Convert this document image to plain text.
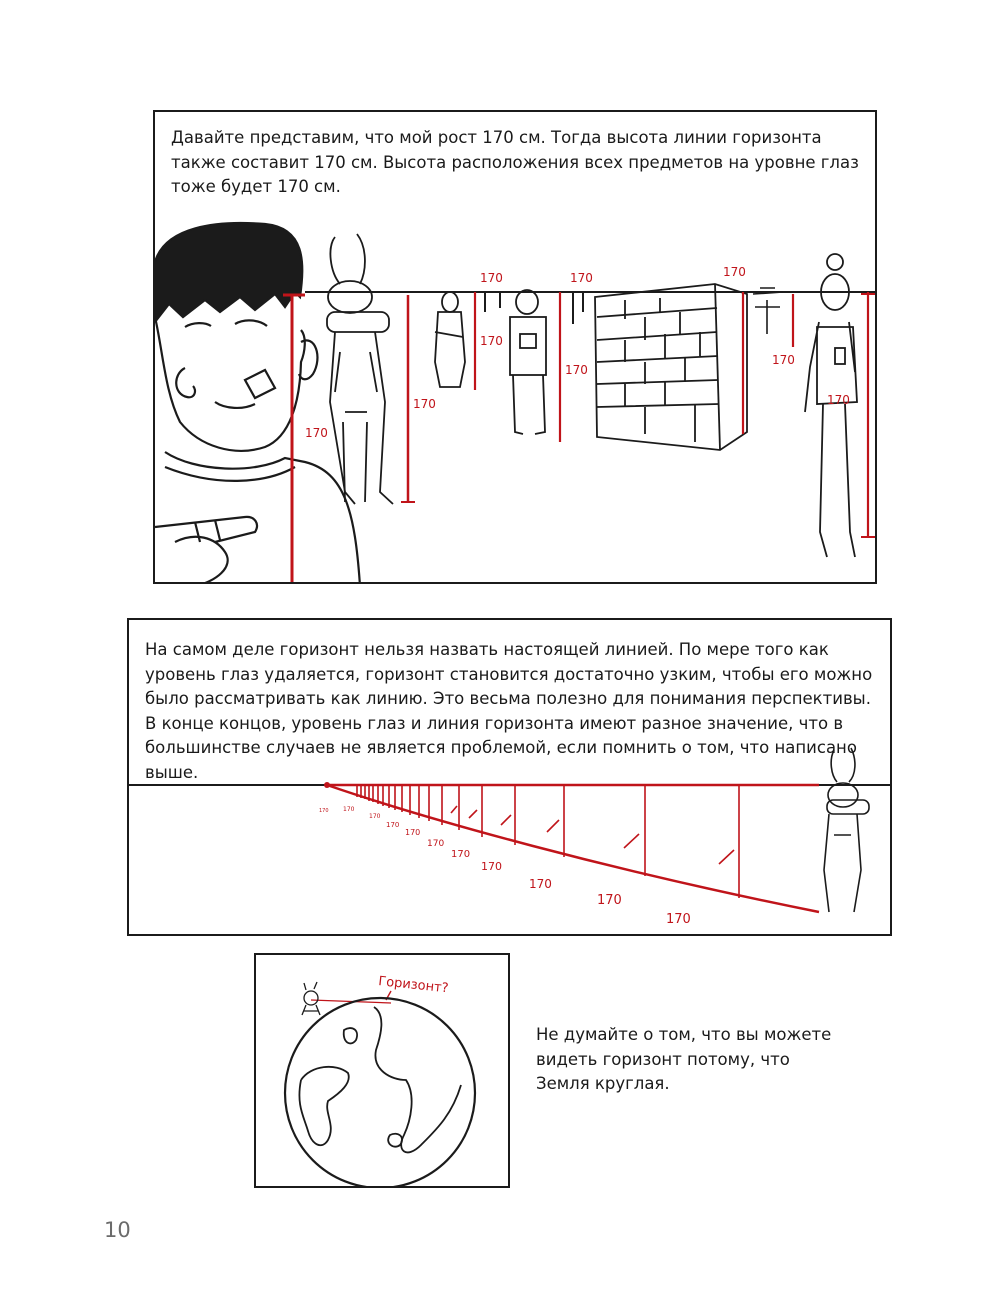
Давайте представим, что мой рост 170 см. Тогда высота линии горизонта также составит 170 см. Высота расположения всех предметов на уровне глаз тоже будет 170 см.
170
170
170
170
170
170	170
170
170
На самом деле горизонт нельзя назвать настоящей линией. По мере того как уровень глаз удаляется, горизонт становится достаточно узким, чтобы его можно было рассматривать как линию. Это весьма полезно для понимания перспективы. В конце концов, уровень глаз и линия горизонта имеют разное значение, что в большинстве случаев не является проблемой, если помнить о том, что написано выше.
170
170
170
170
170
170
170
170
170
170
170
Горизонт?
Не думайте о том, что вы можете видеть горизонт потому, что Земля круглая.
10
